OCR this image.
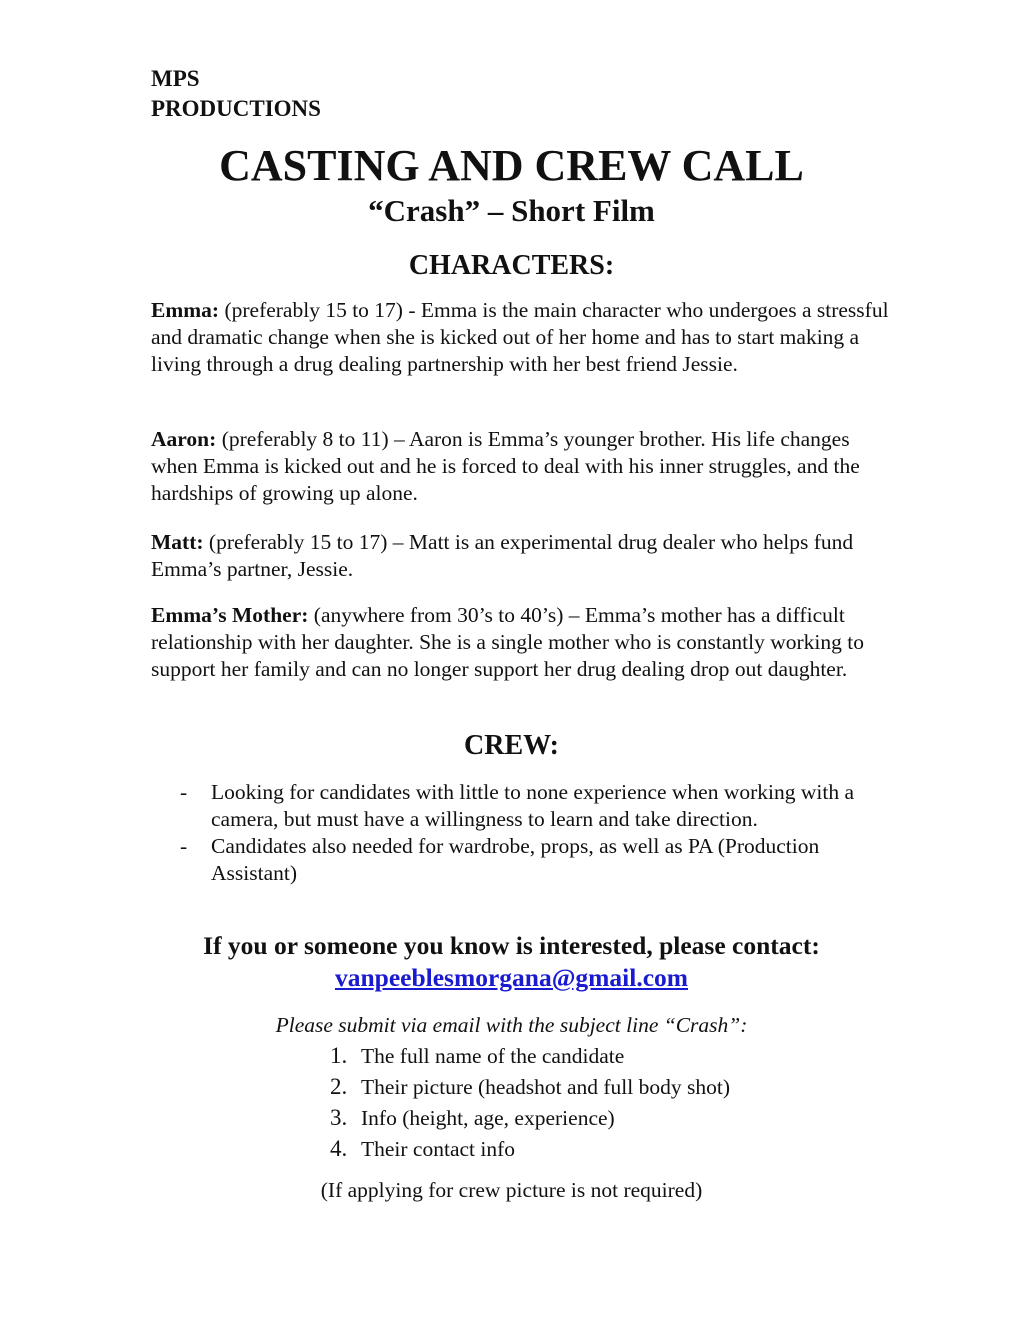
MPS
PRODUCTIONS
CASTING AND CREW CALL
“Crash” – Short Film
CHARACTERS:

Emma: (preferably 15 to 17) - Emma is the main character who undergoes a stressful and dramatic change when she is kicked out of her home and has to start making a living through a drug dealing partnership with her best friend Jessie.

Aaron: (preferably 8 to 11) – Aaron is Emma’s younger brother. His life changes when Emma is kicked out and he is forced to deal with his inner struggles, and the hardships of growing up alone.

Matt: (preferably 15 to 17) – Matt is an experimental drug dealer who helps fund Emma’s partner, Jessie.

Emma’s Mother: (anywhere from 30’s to 40’s) – Emma’s mother has a difficult relationship with her daughter. She is a single mother who is constantly working to support her family and can no longer support her drug dealing drop out daughter.

CREW:
- Looking for candidates with little to none experience when working with a camera, but must have a willingness to learn and take direction.
- Candidates also needed for wardrobe, props, as well as PA (Production Assistant)
If you or someone you know is interested, please contact:
vanpeeblesmorgana@gmail.com
Please submit via email with the subject line “Crash”:
1. The full name of the candidate
2. Their picture (headshot and full body shot)
3. Info (height, age, experience)
4. Their contact info
(If applying for crew picture is not required)
